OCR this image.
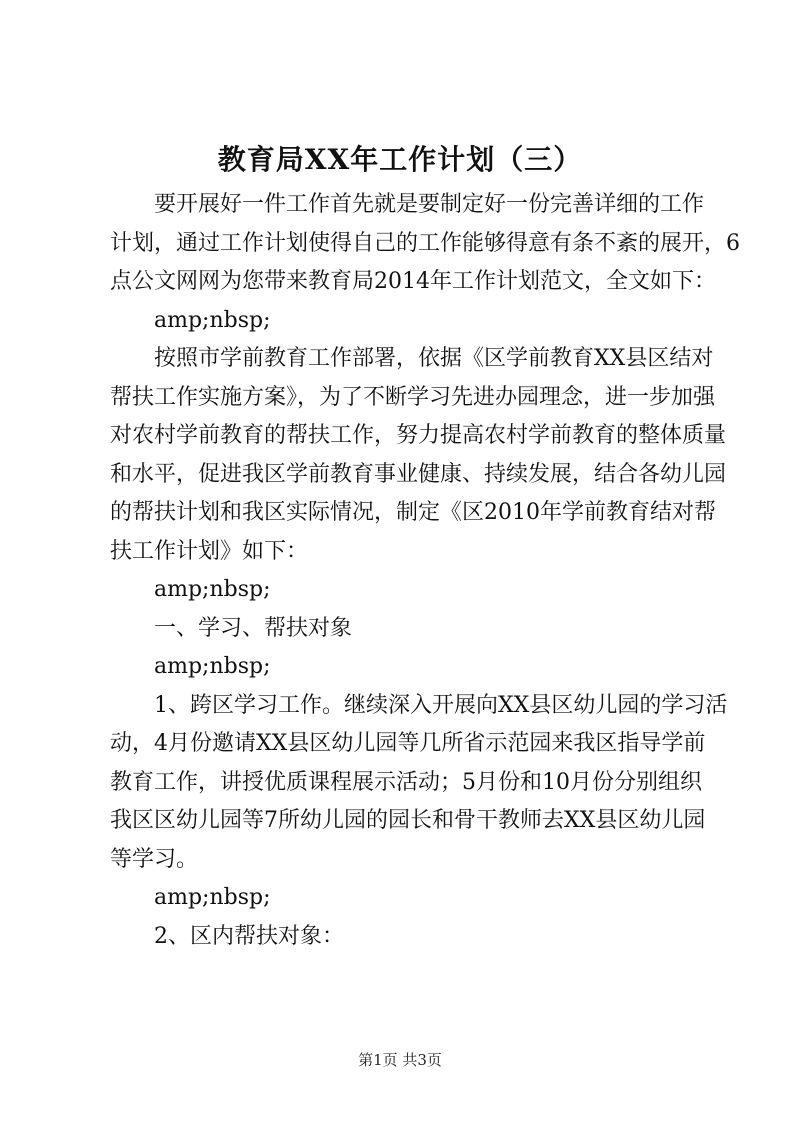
教育局XX年工作计划（三）
　　要开展好一件工作首先就是要制定好一份完善详细的工作
计划，通过工作计划使得自己的工作能够得意有条不紊的展开，6
点公文网网为您带来教育局2014年工作计划范文，全文如下：
　　amp;nbsp;
　　按照市学前教育工作部署，依据《区学前教育XX县区结对
帮扶工作实施方案》，为了不断学习先进办园理念，进一步加强
对农村学前教育的帮扶工作，努力提高农村学前教育的整体质量
和水平，促进我区学前教育事业健康、持续发展，结合各幼儿园
的帮扶计划和我区实际情况，制定《区2010年学前教育结对帮
扶工作计划》如下：
　　amp;nbsp;
　　一、学习、帮扶对象
　　amp;nbsp;
　　1、跨区学习工作。继续深入开展向XX县区幼儿园的学习活
动，4月份邀请XX县区幼儿园等几所省示范园来我区指导学前
教育工作，讲授优质课程展示活动；5月份和10月份分别组织
我区区幼儿园等7所幼儿园的园长和骨干教师去XX县区幼儿园
等学习。
　　amp;nbsp;
　　2、区内帮扶对象：
第1页 共3页
